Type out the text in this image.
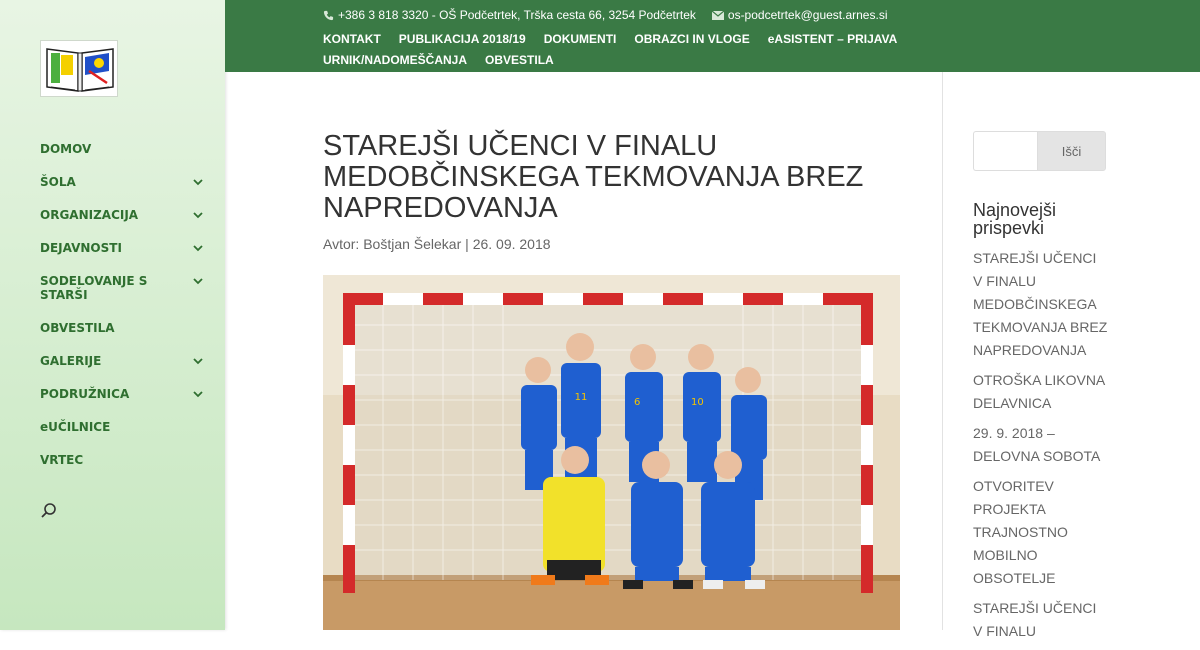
DOMOV
ŠOLA
ORGANIZACIJA
DEJAVNOSTI
SODELOVANJE S STARŠI
OBVESTILA
GALERIJE
PODRUŽNICA
eUČILNICE
VRTEC
+386 3 818 3320 - OŠ Podčetrtek, Trška cesta 66, 3254 Podčetrtek	os-podcetrtek@guest.arnes.si
KONTAKT PUBLIKACIJA 2018/19 DOKUMENTI OBRAZCI IN VLOGE eASISTENT – PRIJAVAURNIK/NADOMEŠČANJA OBVESTILA
STAREJŠI UČENCI V FINALU MEDOBČINSKEGA TEKMOVANJA BREZ NAPREDOVANJA
Avtor: Boštjan Šelekar | 26. 09. 2018
11	6	10
Išči
Najnovejši prispevki
STAREJŠI UČENCI V FINALU MEDOBČINSKEGA TEKMOVANJA BREZ NAPREDOVANJA
OTROŠKA LIKOVNA DELAVNICA
29. 9. 2018 – DELOVNA SOBOTA
OTVORITEV PROJEKTA TRAJNOSTNO MOBILNO OBSOTELJE
STAREJŠI UČENCI V FINALU
